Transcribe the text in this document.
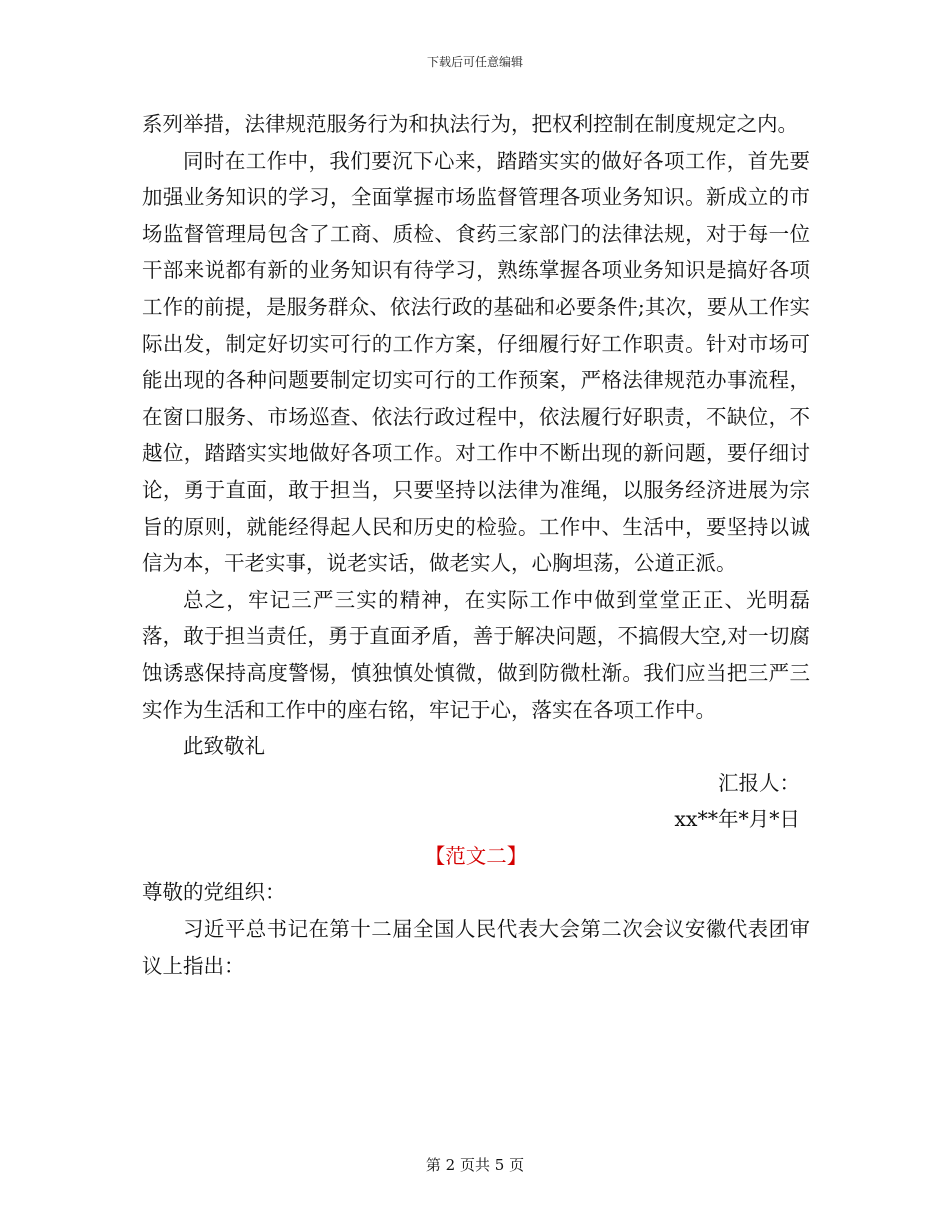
下载后可任意编辑

系列举措，法律规范服务行为和执法行为，把权利控制在制度规定之内。

同时在工作中，我们要沉下心来，踏踏实实的做好各项工作，首先要加强业务知识的学习，全面掌握市场监督管理各项业务知识。新成立的市场监督管理局包含了工商、质检、食药三家部门的法律法规，对于每一位干部来说都有新的业务知识有待学习，熟练掌握各项业务知识是搞好各项工作的前提，是服务群众、依法行政的基础和必要条件;其次，要从工作实际出发，制定好切实可行的工作方案，仔细履行好工作职责。针对市场可能出现的各种问题要制定切实可行的工作预案，严格法律规范办事流程，在窗口服务、市场巡查、依法行政过程中，依法履行好职责，不缺位，不越位，踏踏实实地做好各项工作。对工作中不断出现的新问题，要仔细讨论，勇于直面，敢于担当，只要坚持以法律为准绳，以服务经济进展为宗旨的原则，就能经得起人民和历史的检验。工作中、生活中，要坚持以诚信为本，干老实事，说老实话，做老实人，心胸坦荡，公道正派。

总之，牢记三严三实的精神，在实际工作中做到堂堂正正、光明磊落，敢于担当责任，勇于直面矛盾，善于解决问题，不搞假大空,对一切腐蚀诱惑保持高度警惕，慎独慎处慎微，做到防微杜渐。我们应当把三严三实作为生活和工作中的座右铭，牢记于心，落实在各项工作中。

此致敬礼

汇报人：

xx**年*月*日

【范文二】

尊敬的党组织：

习近平总书记在第十二届全国人民代表大会第二次会议安徽代表团审议上指出：

第 2 页共 5 页
